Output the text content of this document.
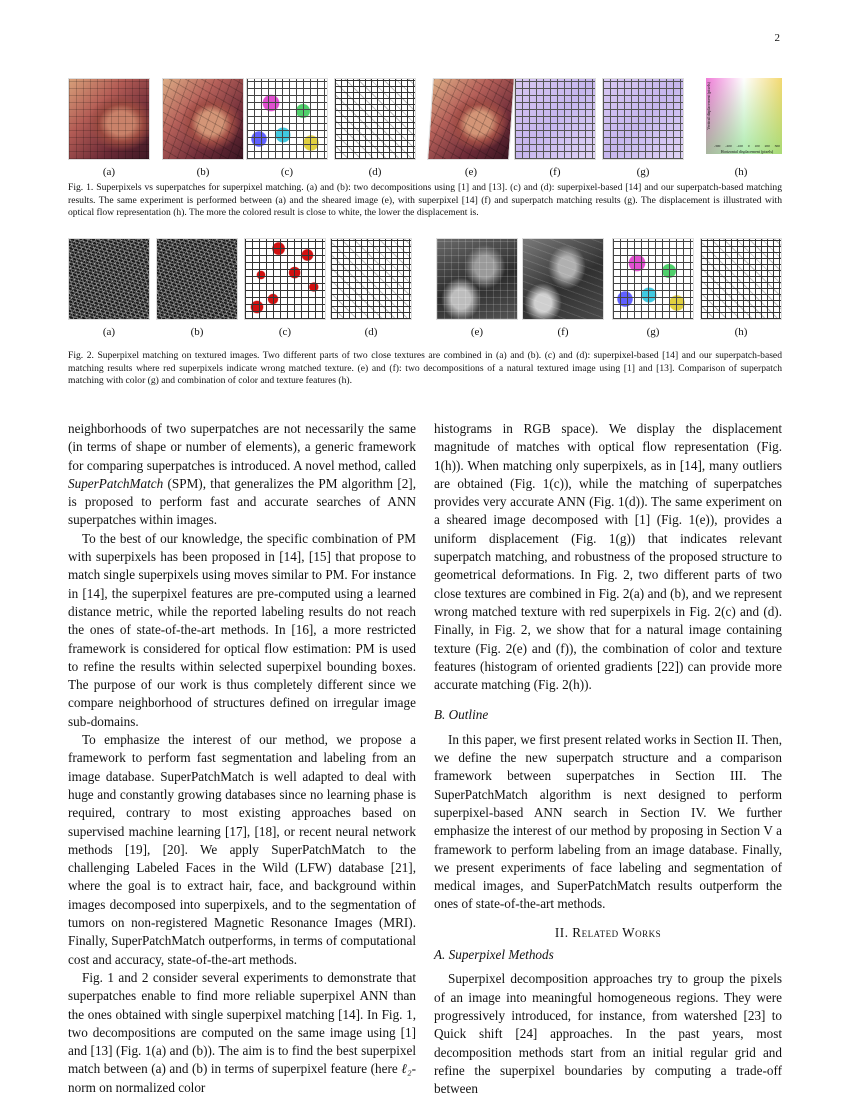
2
Vertical displacement (pixels)
Horizontal displacement (pixels)
-300 -200 -100 0 100 200 300
(a)	(b)	(c)	(d)	(e)	(f)	(g)	(h)
Fig. 1. Superpixels vs superpatches for superpixel matching. (a) and (b): two decompositions using [1] and [13]. (c) and (d): superpixel-based [14] and our superpatch-based matching results. The same experiment is performed between (a) and the sheared image (e), with superpixel [14] (f) and superpatch matching results (g). The displacement is illustrated with optical flow representation (h). The more the colored result is close to white, the lower the displacement is.
(a)	(b)	(c)	(d)	(e)	(f)	(g)	(h)
Fig. 2. Superpixel matching on textured images. Two different parts of two close textures are combined in (a) and (b). (c) and (d): superpixel-based [14] and our superpatch-based matching results where red superpixels indicate wrong matched texture. (e) and (f): two decompositions of a natural textured image using [1] and [13]. Comparison of superpatch matching with color (g) and combination of color and texture features (h).

neighborhoods of two superpatches are not necessarily the same (in terms of shape or number of elements), a generic framework for comparing superpatches is introduced. A novel method, called SuperPatchMatch (SPM), that generalizes the PM algorithm [2], is proposed to perform fast and accurate searches of ANN superpatches within images.

To the best of our knowledge, the specific combination of PM with superpixels has been proposed in [14], [15] that propose to match single superpixels using moves similar to PM. For instance in [14], the superpixel features are pre-computed using a learned distance metric, while the reported labeling results do not reach the ones of state-of-the-art methods. In [16], a more restricted framework is considered for optical flow estimation: PM is used to refine the results within selected superpixel bounding boxes. The purpose of our work is thus completely different since we compare neighborhood of structures defined on irregular image sub-domains.

To emphasize the interest of our method, we propose a framework to perform fast segmentation and labeling from an image database. SuperPatchMatch is well adapted to deal with huge and constantly growing databases since no learning phase is required, contrary to most existing approaches based on supervised machine learning [17], [18], or recent neural network methods [19], [20]. We apply SuperPatchMatch to the challenging Labeled Faces in the Wild (LFW) database [21], where the goal is to extract hair, face, and background within images decomposed into superpixels, and to the segmentation of tumors on non-registered Magnetic Resonance Images (MRI). Finally, SuperPatchMatch outperforms, in terms of computational cost and accuracy, state-of-the-art methods.

Fig. 1 and 2 consider several experiments to demonstrate that superpatches enable to find more reliable superpixel ANN than the ones obtained with single superpixel matching [14]. In Fig. 1, two decompositions are computed on the same image using [1] and [13] (Fig. 1(a) and (b)). The aim is to find the best superpixel match between (a) and (b) in terms of superpixel feature (here ℓ₂-norm on normalized color

histograms in RGB space). We display the displacement magnitude of matches with optical flow representation (Fig. 1(h)). When matching only superpixels, as in [14], many outliers are obtained (Fig. 1(c)), while the matching of superpatches provides very accurate ANN (Fig. 1(d)). The same experiment on a sheared image decomposed with [1] (Fig. 1(e)), provides a uniform displacement (Fig. 1(g)) that indicates relevant superpatch matching, and robustness of the proposed structure to geometrical deformations. In Fig. 2, two different parts of two close textures are combined in Fig. 2(a) and (b), and we represent wrong matched texture with red superpixels in Fig. 2(c) and (d). Finally, in Fig. 2, we show that for a natural image containing texture (Fig. 2(e) and (f)), the combination of color and texture features (histogram of oriented gradients [22]) can provide more accurate matching (Fig. 2(h)).

B. Outline

In this paper, we first present related works in Section II. Then, we define the new superpatch structure and a comparison framework between superpatches in Section III. The SuperPatchMatch algorithm is next designed to perform superpixel-based ANN search in Section IV. We further emphasize the interest of our method by proposing in Section V a framework to perform labeling from an image database. Finally, we present experiments of face labeling and segmentation of medical images, and SuperPatchMatch results outperform the ones of state-of-the-art methods.

II. Related Works

A. Superpixel Methods

Superpixel decomposition approaches try to group the pixels of an image into meaningful homogeneous regions. They were progressively introduced, for instance, from watershed [23] to Quick shift [24] approaches. In the past years, most decomposition methods start from an initial regular grid and refine the superpixel boundaries by computing a trade-off between
